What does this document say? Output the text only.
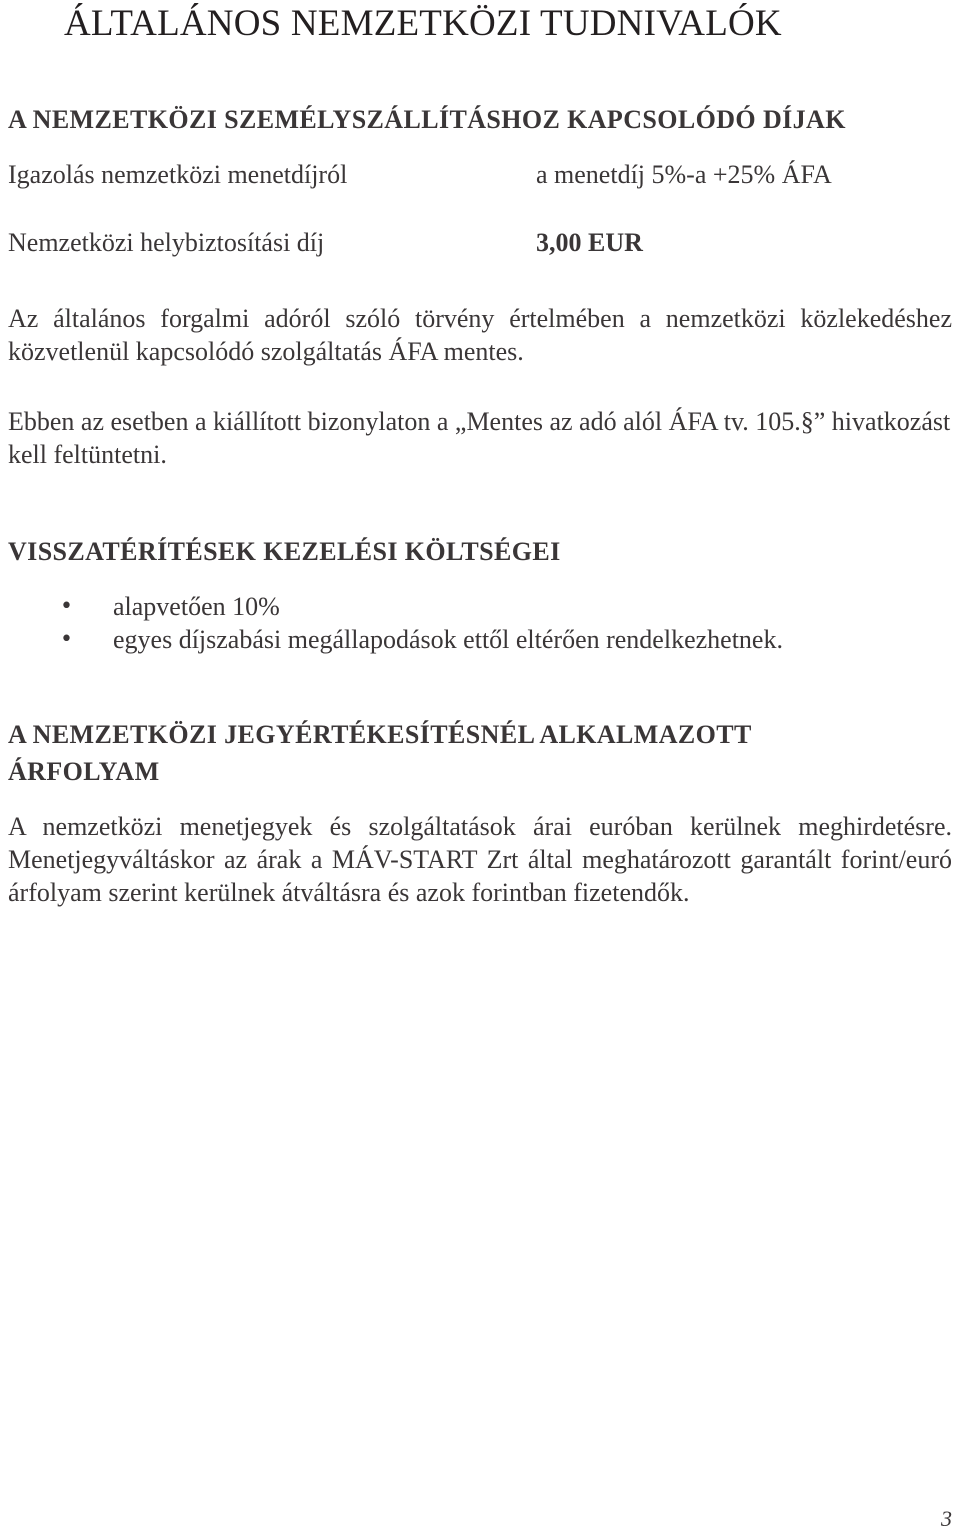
ÁLTALÁNOS NEMZETKÖZI TUDNIVALÓK
A NEMZETKÖZI SZEMÉLYSZÁLLÍTÁSHOZ KAPCSOLÓDÓ DÍJAK
Igazolás nemzetközi menetdíjról	a menetdíj 5%-a +25% ÁFA
Nemzetközi helybiztosítási díj	3,00 EUR

Az általános forgalmi adóról szóló törvény értelmében a nemzetközi közlekedéshez közvetlenül kapcsolódó szolgáltatás ÁFA mentes.

Ebben az esetben a kiállított bizonylaton a „Mentes az adó alól ÁFA tv. 105.§” hivatkozást kell feltüntetni.

VISSZATÉRÍTÉSEK KEZELÉSI KÖLTSÉGEI
• alapvetően 10%
• egyes díjszabási megállapodások ettől eltérően rendelkezhetnek.
A NEMZETKÖZI JEGYÉRTÉKESÍTÉSNÉL ALKALMAZOTT ÁRFOLYAM

A nemzetközi menetjegyek és szolgáltatások árai euróban kerülnek meghirdetésre. Menetjegyváltáskor az árak a MÁV-START Zrt által meghatározott garantált forint/euró árfolyam szerint kerülnek átváltásra és azok forintban fizetendők.

3
